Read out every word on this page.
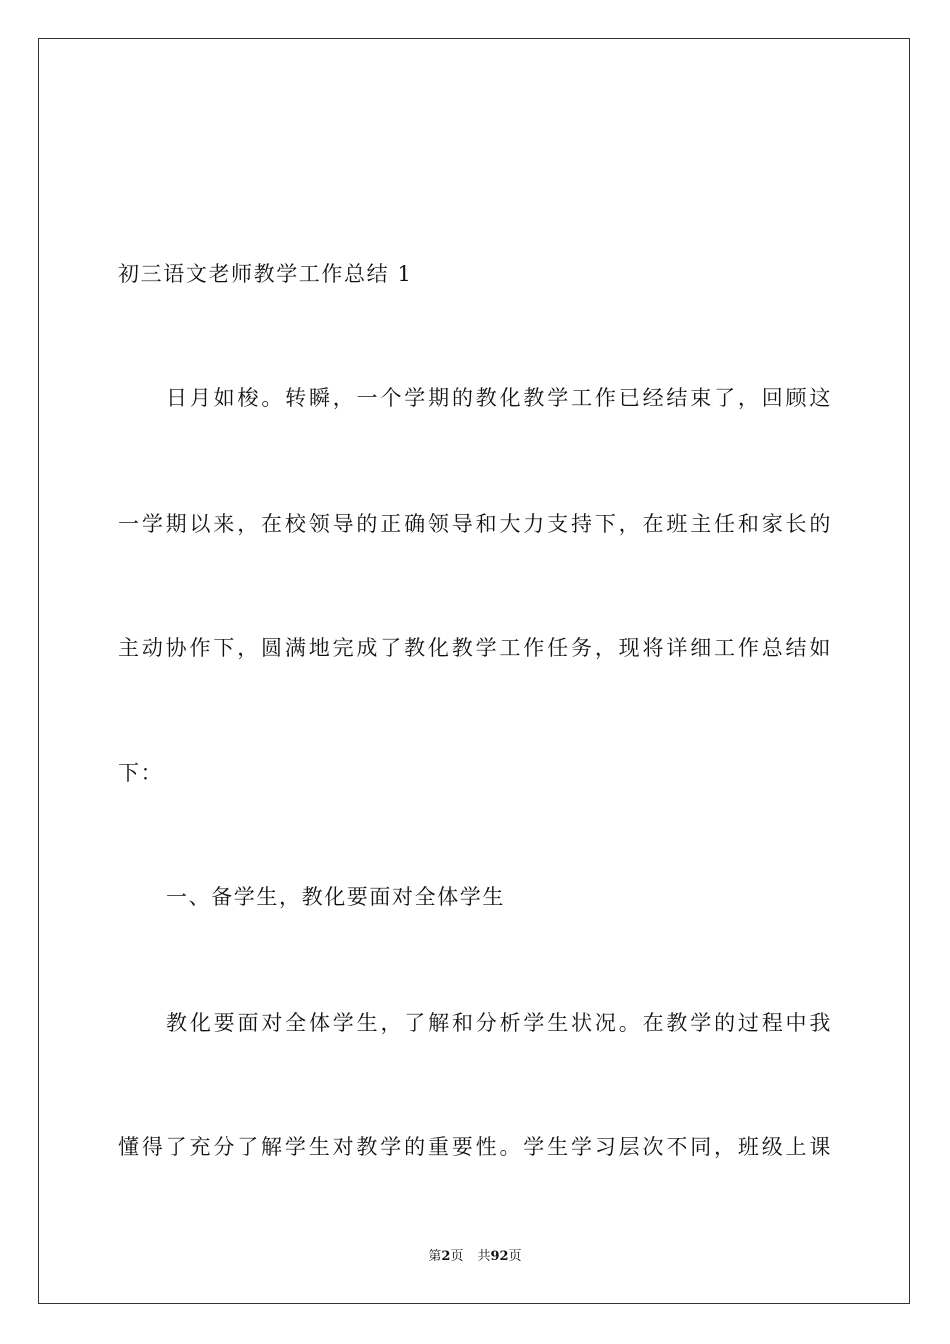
初三语文老师教学工作总结 1
日月如梭。转瞬，一个学期的教化教学工作已经结束了，回顾这
一学期以来，在校领导的正确领导和大力支持下，在班主任和家长的
主动协作下，圆满地完成了教化教学工作任务，现将详细工作总结如
下：
一、备学生，教化要面对全体学生
教化要面对全体学生，了解和分析学生状况。在教学的过程中我
懂得了充分了解学生对教学的重要性。学生学习层次不同，班级上课
第2页 共92页
